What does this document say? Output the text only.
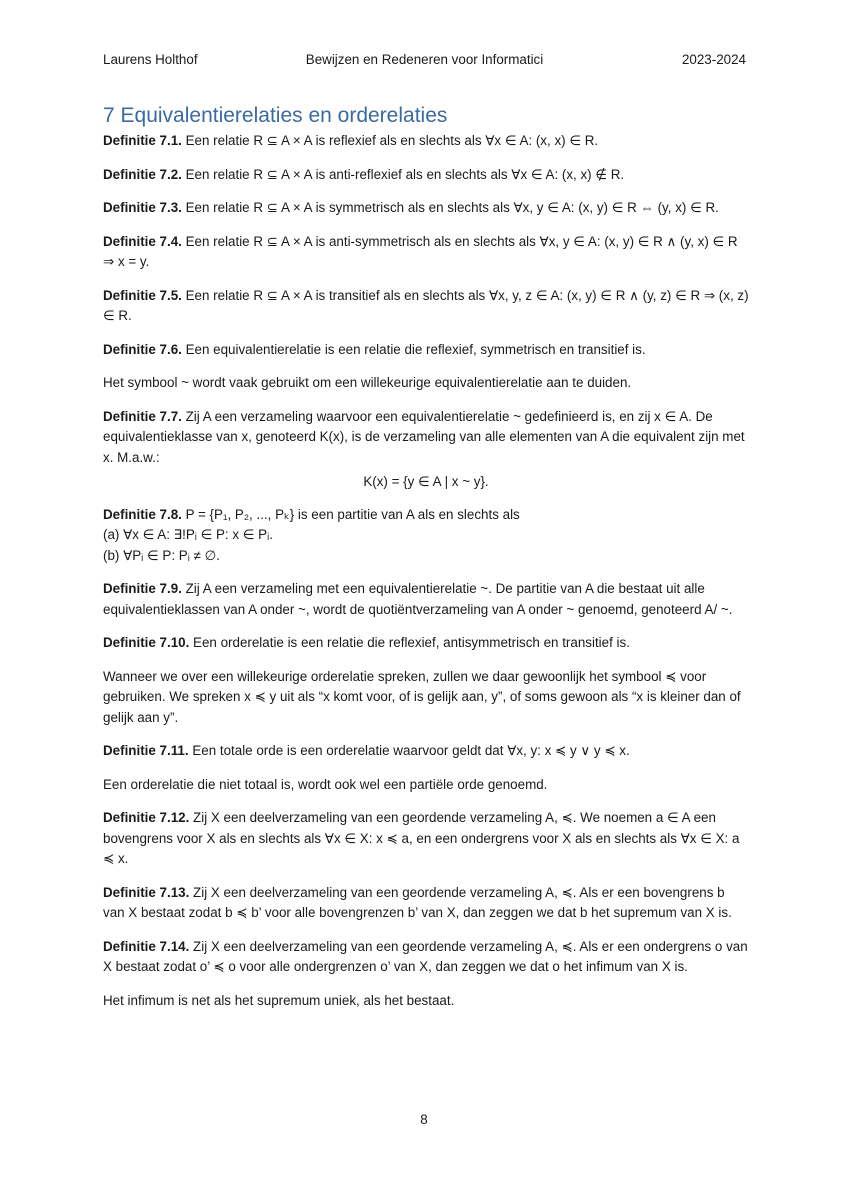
Laurens Holthof	Bewijzen en Redeneren voor Informatici	2023-2024
7 Equivalentierelaties en orderelaties

Definitie 7.1. Een relatie R ⊆ A × A is reflexief als en slechts als ∀x ∈ A: (x, x) ∈ R.

Definitie 7.2. Een relatie R ⊆ A × A is anti-reflexief als en slechts als ∀x ∈ A: (x, x) ∉ R.

Definitie 7.3. Een relatie R ⊆ A × A is symmetrisch als en slechts als ∀x, y ∈ A: (x, y) ∈ R ⇔ (y, x) ∈ R.

Definitie 7.4. Een relatie R ⊆ A × A is anti-symmetrisch als en slechts als ∀x, y ∈ A: (x, y) ∈ R ∧ (y, x) ∈ R ⇒ x = y.

Definitie 7.5. Een relatie R ⊆ A × A is transitief als en slechts als ∀x, y, z ∈ A: (x, y) ∈ R ∧ (y, z) ∈ R ⇒ (x, z) ∈ R.

Definitie 7.6. Een equivalentierelatie is een relatie die reflexief, symmetrisch en transitief is.

Het symbool ~ wordt vaak gebruikt om een willekeurige equivalentierelatie aan te duiden.

Definitie 7.7. Zij A een verzameling waarvoor een equivalentierelatie ~ gedefinieerd is, en zij x ∈ A. De equivalentieklasse van x, genoteerd K(x), is de verzameling van alle elementen van A die equivalent zijn met x. M.a.w.:

K(x) = {y ∈ A | x ~ y}.

Definitie 7.8. P = {P₁, P₂, ..., Pₖ} is een partitie van A als en slechts als

(a) ∀x ∈ A: ∃!Pᵢ ∈ P: x ∈ Pᵢ.

(b) ∀Pᵢ ∈ P: Pᵢ ≠ ∅.

Definitie 7.9. Zij A een verzameling met een equivalentierelatie ~. De partitie van A die bestaat uit alle equivalentieklassen van A onder ~, wordt de quotiëntverzameling van A onder ~ genoemd, genoteerd A/ ~.

Definitie 7.10. Een orderelatie is een relatie die reflexief, antisymmetrisch en transitief is.

Wanneer we over een willekeurige orderelatie spreken, zullen we daar gewoonlijk het symbool ≼ voor gebruiken. We spreken x ≼ y uit als “x komt voor, of is gelijk aan, y”, of soms gewoon als “x is kleiner dan of gelijk aan y”.

Definitie 7.11. Een totale orde is een orderelatie waarvoor geldt dat ∀x, y: x ≼ y ∨ y ≼ x.

Een orderelatie die niet totaal is, wordt ook wel een partiële orde genoemd.

Definitie 7.12. Zij X een deelverzameling van een geordende verzameling A, ≼. We noemen a ∈ A een bovengrens voor X als en slechts als ∀x ∈ X: x ≼ a, en een ondergrens voor X als en slechts als ∀x ∈ X: a ≼ x.

Definitie 7.13. Zij X een deelverzameling van een geordende verzameling A, ≼. Als er een bovengrens b van X bestaat zodat b ≼ b’ voor alle bovengrenzen b’ van X, dan zeggen we dat b het supremum van X is.

Definitie 7.14. Zij X een deelverzameling van een geordende verzameling A, ≼. Als er een ondergrens o van X bestaat zodat o’ ≼ o voor alle ondergrenzen o’ van X, dan zeggen we dat o het infimum van X is.

Het infimum is net als het supremum uniek, als het bestaat.

8
